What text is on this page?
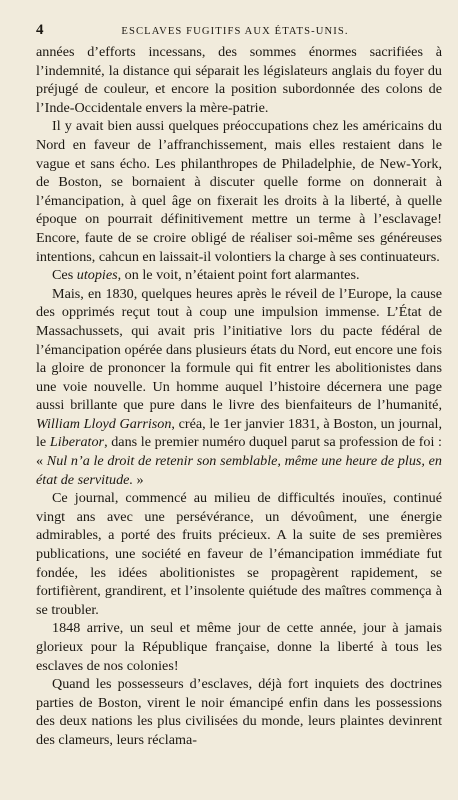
4	ESCLAVES FUGITIFS AUX ÉTATS-UNIS.

années d’efforts incessans, des sommes énormes sacrifiées à l’indemnité, la distance qui séparait les législateurs anglais du foyer du préjugé de couleur, et encore la position subordonnée des colons de l’Inde-Occidentale envers la mère-patrie.

Il y avait bien aussi quelques préoccupations chez les américains du Nord en faveur de l’affranchissement, mais elles restaient dans le vague et sans écho. Les philanthropes de Philadelphie, de New-York, de Boston, se bornaient à discuter quelle forme on donnerait à l’émancipation, à quel âge on fixerait les droits à la liberté, à quelle époque on pourrait définitivement mettre un terme à l’esclavage! Encore, faute de se croire obligé de réaliser soi-même ses généreuses intentions, cahcun en laissait-il volontiers la charge à ses continuateurs.

Ces utopies, on le voit, n’étaient point fort alarmantes.

Mais, en 1830, quelques heures après le réveil de l’Europe, la cause des opprimés reçut tout à coup une impulsion immense. L’État de Massachussets, qui avait pris l’initiative lors du pacte fédéral de l’émancipation opérée dans plusieurs états du Nord, eut encore une fois la gloire de prononcer la formule qui fit entrer les abolitionistes dans une voie nouvelle. Un homme auquel l’histoire décernera une page aussi brillante que pure dans le livre des bienfaiteurs de l’humanité, William Lloyd Garrison, créa, le 1er janvier 1831, à Boston, un journal, le Liberator, dans le premier numéro duquel parut sa profession de foi : « Nul n’a le droit de retenir son semblable, même une heure de plus, en état de servitude. »

Ce journal, commencé au milieu de difficultés inouïes, continué vingt ans avec une persévérance, un dévoûment, une énergie admirables, a porté des fruits précieux. A la suite de ses premières publications, une société en faveur de l’émancipation immédiate fut fondée, les idées abolitionistes se propagèrent rapidement, se fortifièrent, grandirent, et l’insolente quiétude des maîtres commença à se troubler.

1848 arrive, un seul et même jour de cette année, jour à jamais glorieux pour la République française, donne la liberté à tous les esclaves de nos colonies!

Quand les possesseurs d’esclaves, déjà fort inquiets des doctrines parties de Boston, virent le noir émancipé enfin dans les possessions des deux nations les plus civilisées du monde, leurs plaintes devinrent des clameurs, leurs réclama-
